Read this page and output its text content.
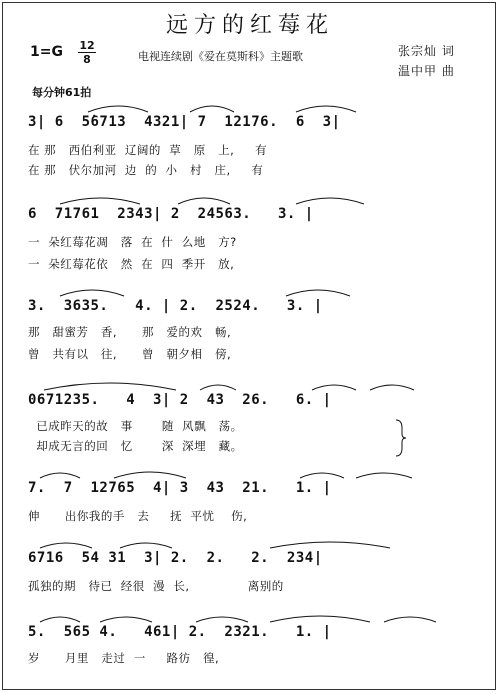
远方的红莓花
1=G 12
8	电视连续剧《爱在莫斯科》主题歌	张宗灿 词
温中甲 曲
每分钟61拍
3| 6  5̇6713  4321| 7  12176.  6  3|
在 那   西伯利亚  辽阔的  草   原   上,     有
在 那   伏尔加河  边  的  小   村   庄,     有
6  71761  2343| 2  24563.   3. |
一  朵红莓花凋   落  在  什  么地   方?
一  朵红莓花依   然  在  四  季开   放,
3.  3635.   4. | 2.  2524.   3. |
那   甜蜜芳   香,      那   爱的欢   畅,
曾   共有以   往,      曾   朝夕相   傍,
0671235.   4  3| 2  43  26.   6. |
已成昨天的故   事       随  风飘   荡。
却成无言的回   忆       深  深埋   藏。
7.  7  12765  4| 3  43  21.   1. |
伸      出你我的手   去     抚  平忧    伤,
6716  54 31  3| 2.  2.   2.  234|
孤独的期   待已  经很  漫  长,              离别的
5.  565 4.   461| 2.  2321.   1. |
岁      月里   走过  一     路彷   徨,
